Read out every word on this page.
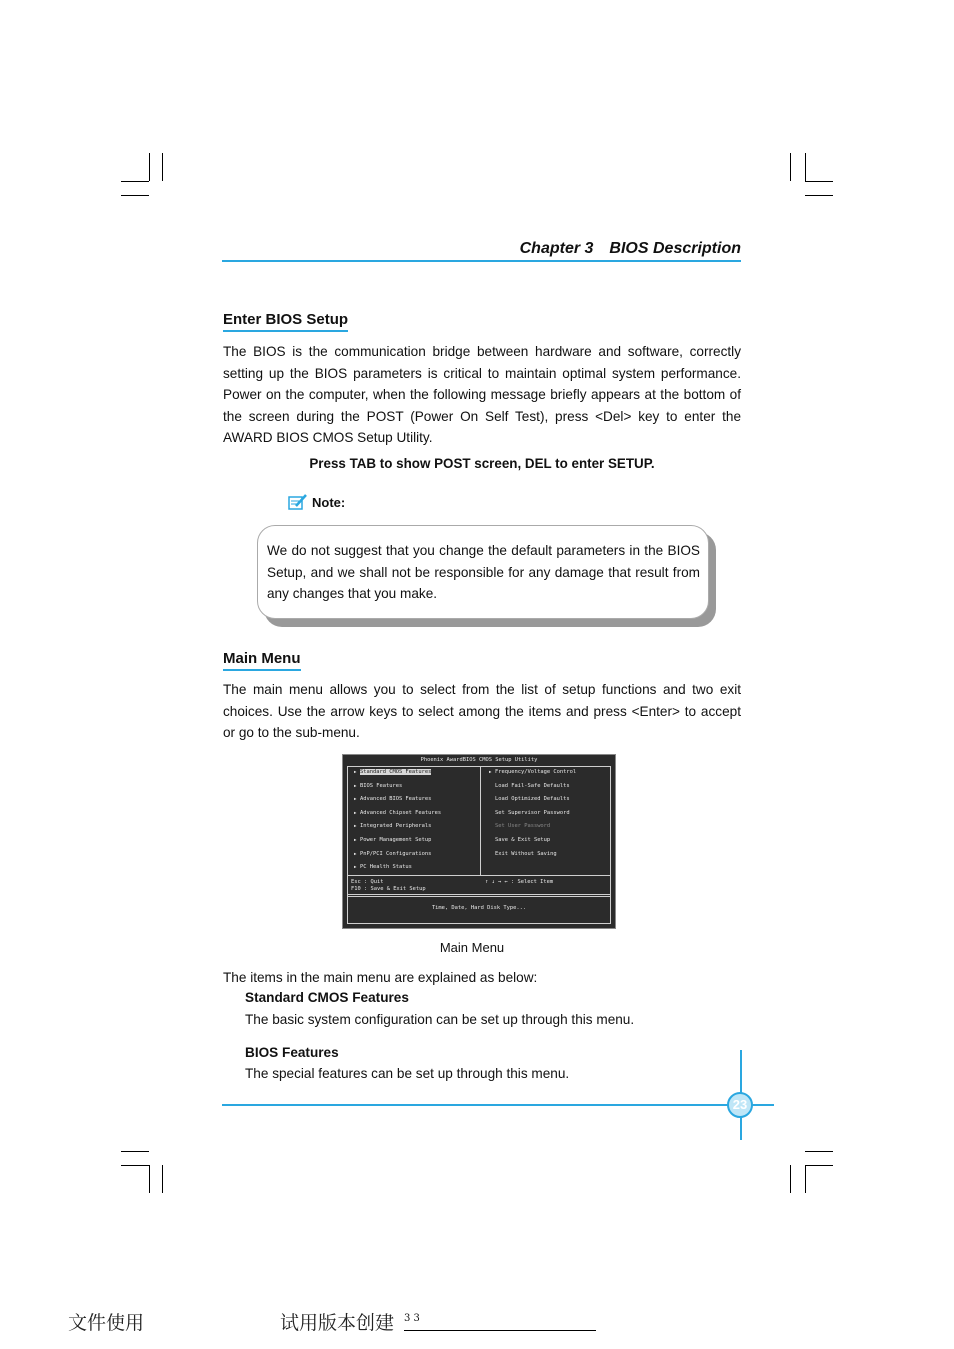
Chapter 3 BIOS Description
Enter BIOS Setup
The BIOS is the communication bridge between hardware and software, correctly setting up the BIOS parameters is critical to maintain optimal system performance. Power on the computer, when the following message briefly appears at the bottom of the screen during the POST (Power On Self Test), press <Del> key to enter the AWARD BIOS CMOS Setup Utility.
Press TAB to show POST screen, DEL to enter SETUP.
Note:
We do not suggest that you change the default parameters in the BIOS Setup, and we shall not be responsible for any damage that result from any changes that you make.
Main Menu
The main menu allows you to select from the list of setup functions and two exit choices. Use the arrow keys to select among the items and press <Enter> to accept or go to the sub-menu.
Phoenix AwardBIOS CMOS Setup Utility
▶ Standard CMOS Features
▶ BIOS Features
▶ Advanced BIOS Features
▶ Advanced Chipset Features
▶ Integrated Peripherals
▶ Power Management Setup
▶ PnP/PCI Configurations
▶ PC Health Status
▶ Frequency/Voltage Control
Load Fail-Safe Defaults
Load Optimized Defaults
Set Supervisor Password
Set User Password
Save & Exit Setup
Exit Without Saving
Esc : Quit
F10 : Save & Exit Setup
↑ ↓ → ← : Select Item
Time, Date, Hard Disk Type...
Main Menu
The items in the main menu are explained as below:
Standard CMOS Features
The basic system configuration can be set up through this menu.
BIOS Features
The special features can be set up through this menu.
23
文件使用	试用版本创建 3 3
